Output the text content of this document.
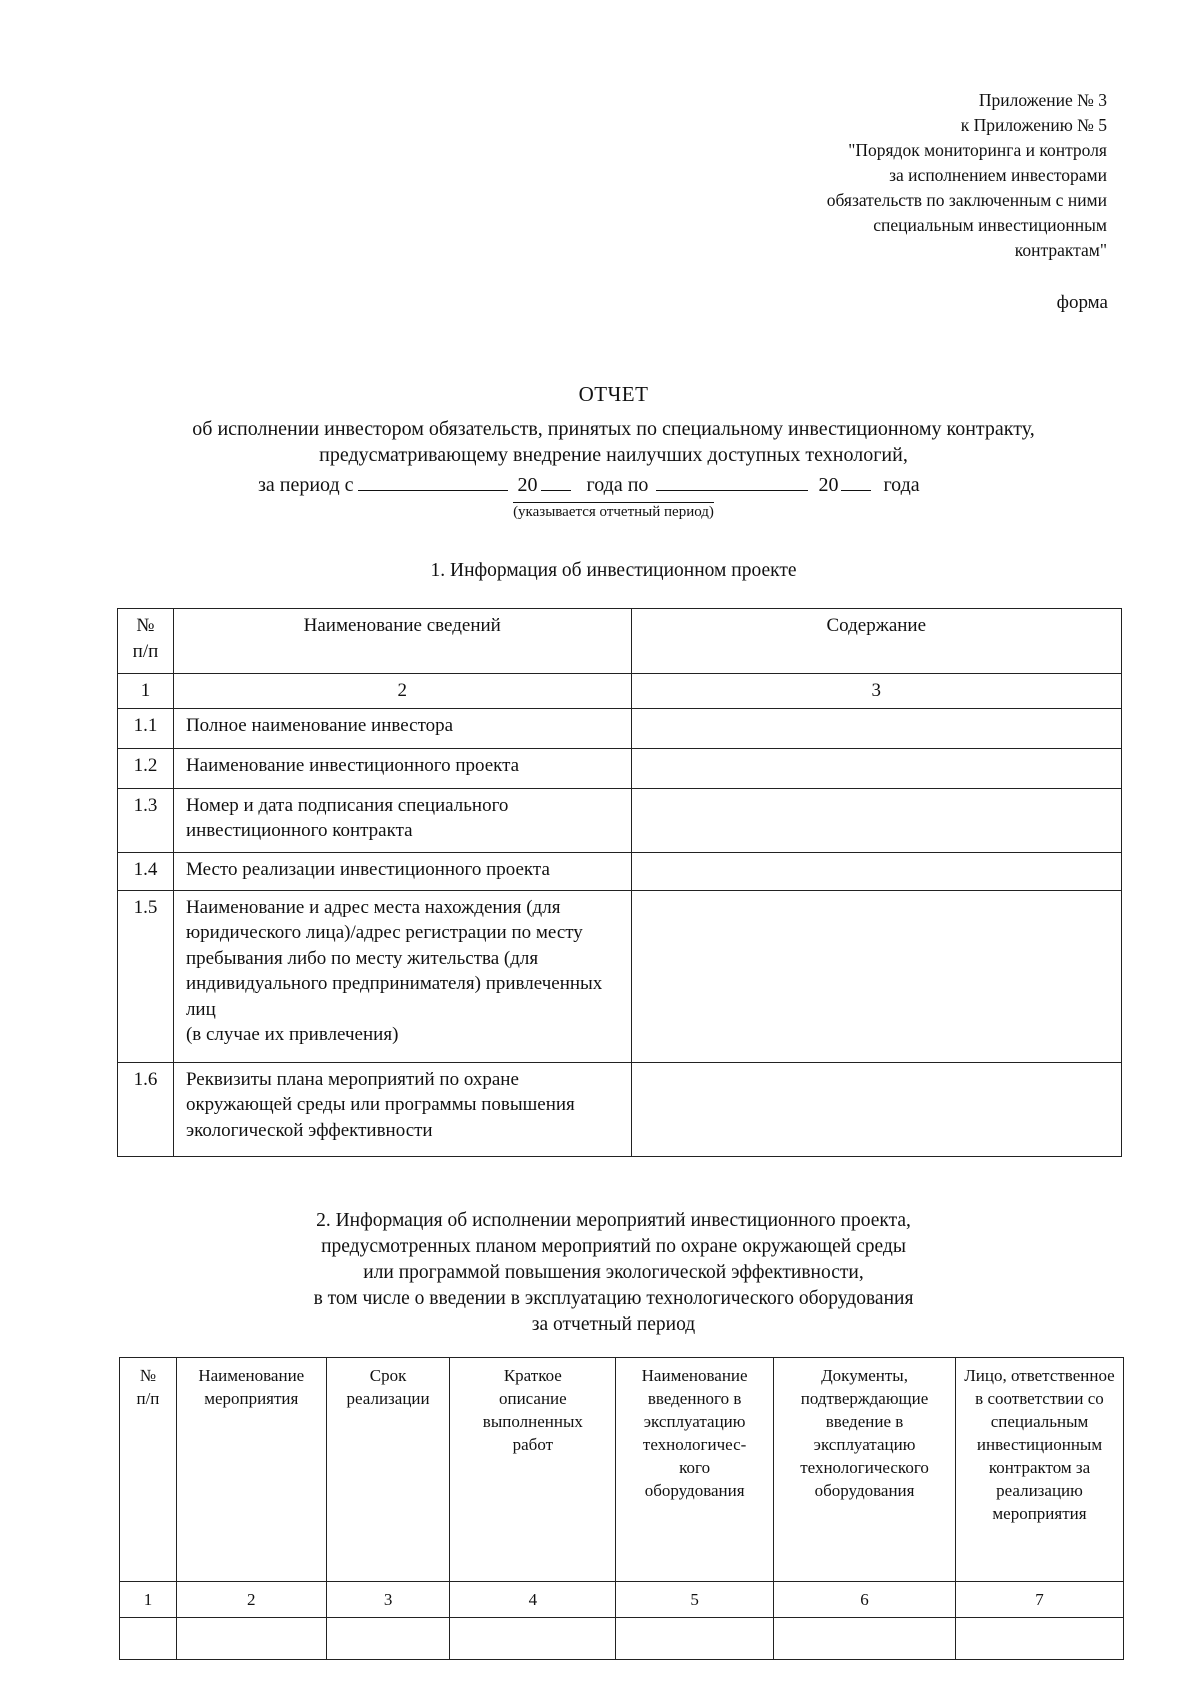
Приложение № 3
к Приложению № 5
"Порядок мониторинга и контроля
за исполнением инвесторами
обязательств по заключенным с ними
специальным инвестиционным
контрактам"
форма
ОТЧЕТ
об исполнении инвестором обязательств, принятых по специальному инвестиционному контракту,
предусматривающему внедрение наилучших доступных технологий,
за период с	20 года по	20 года
(указывается отчетный период)
1. Информация об инвестиционном проекте
№ п/п	Наименование сведений	Содержание
1	2	3
1.1	Полное наименование инвестора	
1.2	Наименование инвестиционного проекта	
1.3	Номер и дата подписания специального инвестиционного контракта	
1.4	Место реализации инвестиционного проекта	
1.5	Наименование и адрес места нахождения (для юридического лица)/адрес регистрации по месту пребывания либо по месту жительства (для индивидуального предпринимателя) привлеченных лиц
(в случае их привлечения)	
1.6	Реквизиты плана мероприятий по охране окружающей среды или программы повышения экологической эффективности	
2. Информация об исполнении мероприятий инвестиционного проекта,
предусмотренных планом мероприятий по охране окружающей среды
или программой повышения экологической эффективности,
в том числе о введении в эксплуатацию технологического оборудования
за отчетный период
№ п/п	Наименование мероприятия	Срок реализации	Краткое описание выполненных работ	Наименование введенного в эксплуатацию технологичес-кого оборудования	Документы, подтверждающие введение в эксплуатацию технологического оборудования	Лицо, ответственное в соответствии со специальным инвестиционным контрактом за реализацию мероприятия

1	2	3	4	5	6	7
